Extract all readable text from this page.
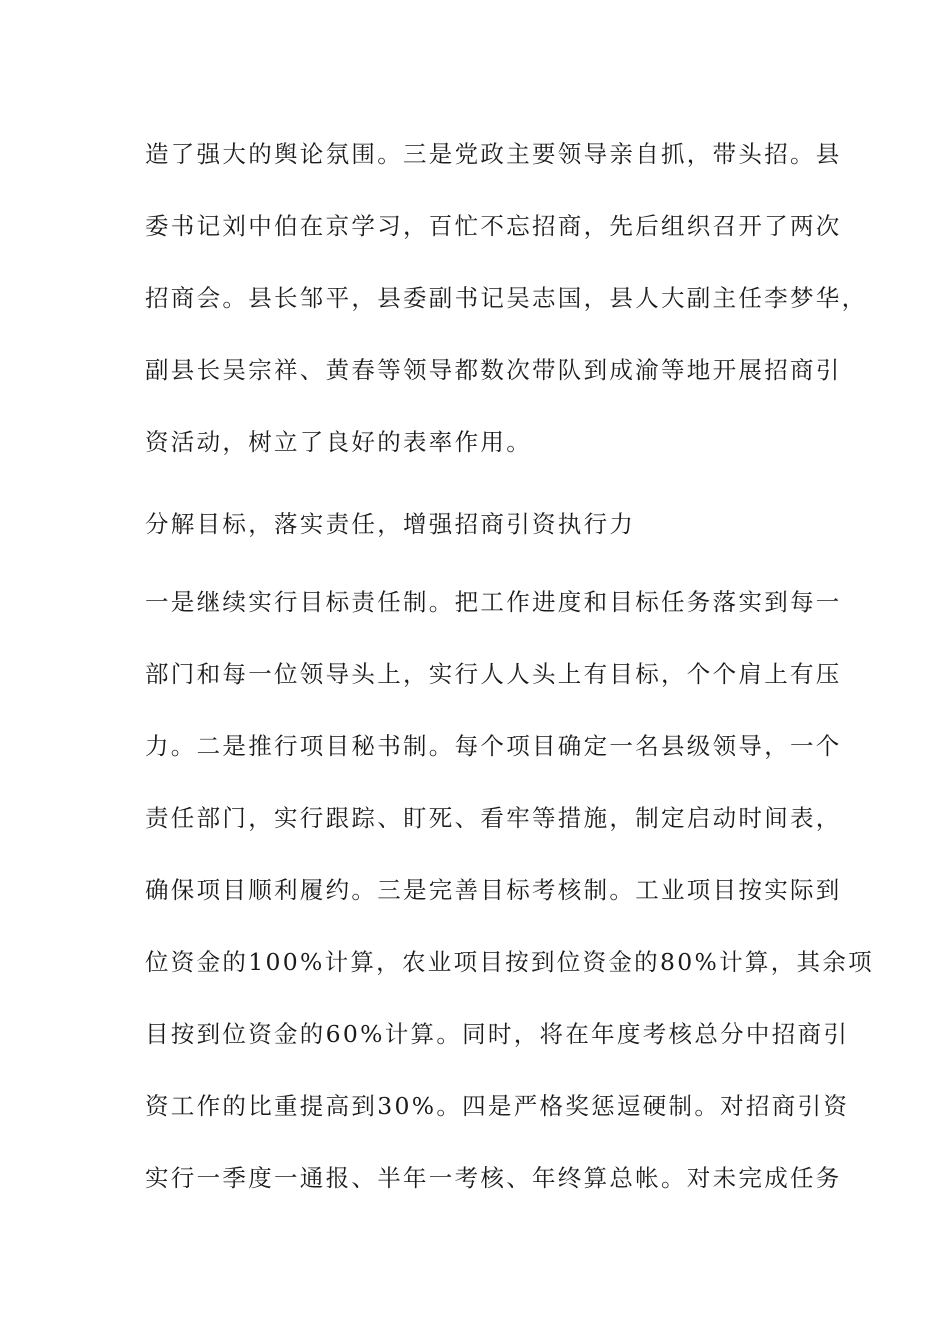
造了强大的舆论氛围。三是党政主要领导亲自抓，带头招。县
委书记刘中伯在京学习，百忙不忘招商，先后组织召开了两次
招商会。县长邹平，县委副书记吴志国，县人大副主任李梦华，
副县长吴宗祥、黄春等领导都数次带队到成渝等地开展招商引
资活动，树立了良好的表率作用。
分解目标，落实责任，增强招商引资执行力
一是继续实行目标责任制。把工作进度和目标任务落实到每一
部门和每一位领导头上，实行人人头上有目标，个个肩上有压
力。二是推行项目秘书制。每个项目确定一名县级领导，一个
责任部门，实行跟踪、盯死、看牢等措施，制定启动时间表，
确保项目顺利履约。三是完善目标考核制。工业项目按实际到
位资金的100%计算，农业项目按到位资金的80%计算，其余项
目按到位资金的60%计算。同时，将在年度考核总分中招商引
资工作的比重提高到30%。四是严格奖惩逗硬制。对招商引资
实行一季度一通报、半年一考核、年终算总帐。对未完成任务
